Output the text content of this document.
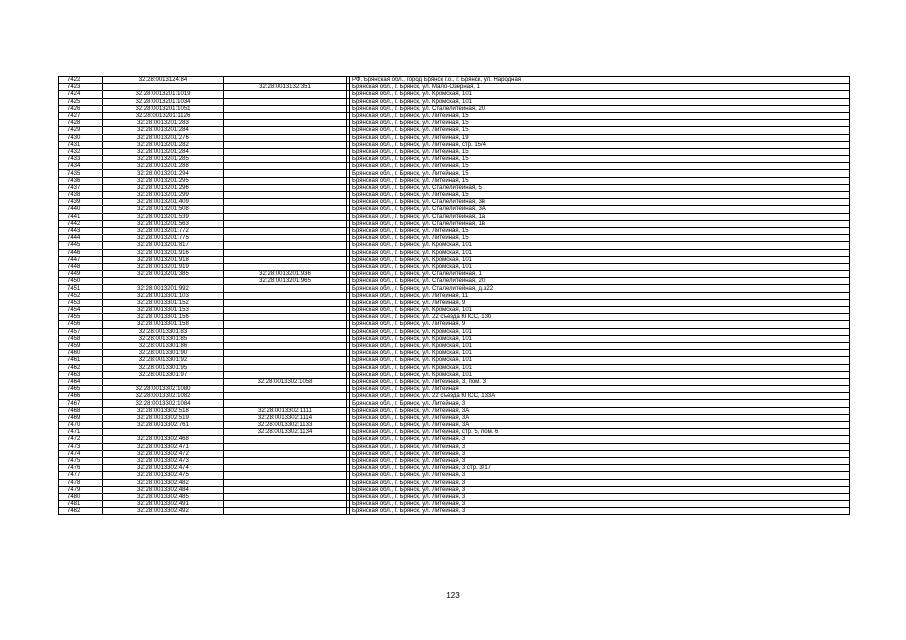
7422	32:28:0013124:84			РФ, Брянская обл., город Брянск г.о., г. Брянск, ул. Народная
7423		32:28:0013132:351		Брянская обл., г. Брянск, ул. Мало-Озерная, 1
7424	32:28:0013201:1019			Брянская обл., г. Брянск, ул. Кромская, 101
7425	32:28:0013201:1034			Брянская обл., г. Брянск, ул. Кромская, 101
7426	32:28:0013201:1051			Брянская обл., г. Брянск, ул. Сталелитейная, 20
7427	32:28:0013201:1126			Брянская обл., г. Брянск, ул. Литейная, 15
7428	32:28:0013201:283			Брянская обл., г. Брянск, ул. Литейная, 15
7429	32:28:0013201:284			Брянская обл., г. Брянск, ул. Литейная, 15
7430	32:28:0013201:276			Брянская обл., г. Брянск, ул. Литейная, 19
7431	32:28:0013201:282			Брянская обл., г. Брянск, ул. Литейная, стр. 15/4
7432	32:28:0013201:284			Брянская обл., г. Брянск, ул. Литейная, 15
7433	32:28:0013201:285			Брянская обл., г. Брянск, ул. Литейная, 15
7434	32:28:0013201:288			Брянская обл., г. Брянск, ул. Литейная, 15
7435	32:28:0013201:294			Брянская обл., г. Брянск, ул. Литейная, 15
7436	32:28:0013201:295			Брянская обл., г. Брянск, ул. Литейная, 15
7437	32:28:0013201:296			Брянская обл., г. Брянск, ул. Сталелитейная, 5
7438	32:28:0013201:299			Брянская обл., г. Брянск, ул. Литейная, 15
7439	32:28:0013201:409			Брянская обл., г. Брянск, ул. Сталелитейная, 3в
7440	32:28:0013201:508			Брянская обл., г. Брянск, ул. Сталелитейная, 3А
7441	32:28:0013201:539			Брянская обл., г. Брянск, ул. Сталелитейная, 1а
7442	32:28:0013201:563			Брянская обл., г. Брянск, ул. Сталелитейная, 1в
7443	32:28:0013201:772			Брянская обл., г. Брянск, ул. Литейная, 15
7444	32:28:0013201:775			Брянская обл., г. Брянск, ул. Литейная, 15
7445	32:28:0013201:817			Брянская обл., г. Брянск, ул. Кромская, 101
7446	32:28:0013201:916			Брянская обл., г. Брянск, ул. Кромская, 101
7447	32:28:0013201:918			Брянская обл., г. Брянск, ул. Кромская, 101
7448	32:28:0013201:919			Брянская обл., г. Брянск, ул. Кромская, 101
7449	32:28:0013201:385	32:28:0013201:936		Брянская обл., г. Брянск, ул. Сталелитейная, 1
7450		32:28:0013201:965		Брянская обл., г. Брянск, ул. Сталелитейная, 20
7451	32:28:0013201:992			Брянская обл., г. Брянск, ул. Сталелитейная, д.з22
7452	32:28:0013301:103			Брянская обл., г. Брянск, ул. Литейная, 11
7453	32:28:0013301:152			Брянская обл., г. Брянск, ул. Литейная, 9
7454	32:28:0013301:153			Брянская обл., г. Брянск, ул. Кромская, 101
7455	32:28:0013301:156			Брянская обл., г. Брянск, ул. 22 съезда КПСС, 13б
7456	32:28:0013301:158			Брянская обл., г. Брянск, ул. Литейная, 9
7457	32:28:0013301:83			Брянская обл., г. Брянск, ул. Кромская, 101
7458	32:28:0013301:85			Брянская обл., г. Брянск, ул. Кромская, 101
7459	32:28:0013301:86			Брянская обл., г. Брянск, ул. Кромская, 101
7460	32:28:0013301:90			Брянская обл., г. Брянск, ул. Кромская, 101
7461	32:28:0013301:92			Брянская обл., г. Брянск, ул. Кромская, 101
7462	32:28:0013301:95			Брянская обл., г. Брянск, ул. Кромская, 101
7463	32:28:0013301:97			Брянская обл., г. Брянск, ул. Кромская, 101
7464		32:28:0013302:1058		Брянская обл., г. Брянск, ул. Литейная, 3, пом. 3
7465	32:28:0013302:1080			Брянская обл., г. Брянск, ул. Литейная
7466	32:28:0013302:1082			Брянская обл., г. Брянск, ул. 22 съезда КПСС, 133А
7467	32:28:0013302:1084			Брянская обл., г. Брянск, ул. Литейная, 3
7468	32:28:0013302:518	32:28:0013302:1111		Брянская обл., г. Брянск, ул. Литейная, 3А
7469	32:28:0013302:519	32:28:0013302:1114		Брянская обл., г. Брянск, ул. Литейная, 3А
7470	32:28:0013302:761	32:28:0013302:1133		Брянская обл., г. Брянск, ул. Литейная, 3А
7471		32:28:0013302:1134		Брянская обл., г. Брянск, ул. Литейная, стр. 5, пом. 6
7472	32:28:0013302:468			Брянская обл., г. Брянск, ул. Литейная, 3
7473	32:28:0013302:471			Брянская обл., г. Брянск, ул. Литейная, 3
7474	32:28:0013302:472			Брянская обл., г. Брянск, ул. Литейная, 3
7475	32:28:0013302:473			Брянская обл., г. Брянск, ул. Литейная, 3
7476	32:28:0013302:474			Брянская обл., г. Брянск, ул. Литейная, 3 стр. 3/17
7477	32:28:0013302:475			Брянская обл., г. Брянск, ул. Литейная, 3
7478	32:28:0013302:482			Брянская обл., г. Брянск, ул. Литейная, 3
7479	32:28:0013302:484			Брянская обл., г. Брянск, ул. Литейная, 3
7480	32:28:0013302:485			Брянская обл., г. Брянск, ул. Литейная, 3
7481	32:28:0013302:491			Брянская обл., г. Брянск, ул. Литейная, 3
7482	32:28:0013302:492			Брянская обл., г. Брянск, ул. Литейная, 3
123
